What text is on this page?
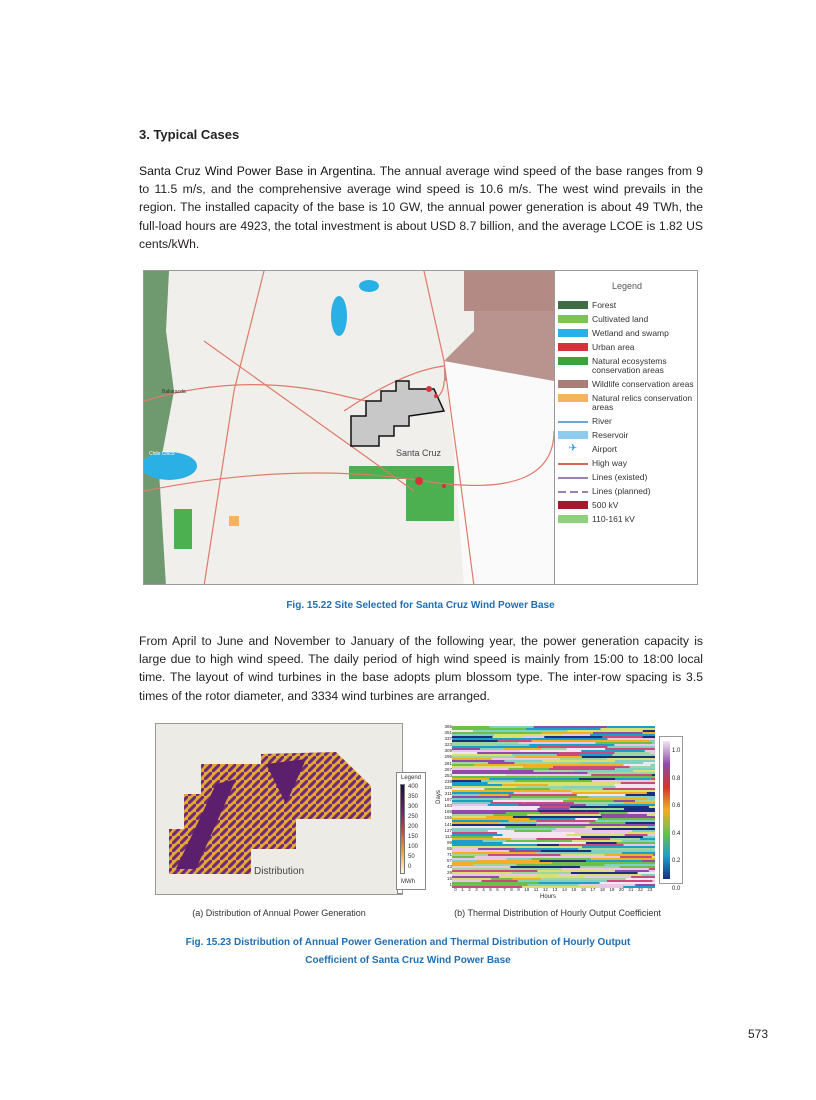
3. Typical Cases

Santa Cruz Wind Power Base in Argentina. The annual average wind speed of the base ranges from 9 to 11.5 m/s, and the comprehensive average wind speed is 10.6 m/s. The west wind prevails in the region. The installed capacity of the base is 10 GW, the annual power generation is about 49 TWh, the full-load hours are 4923, the total investment is about USD 8.7 billion, and the average LCOE is 1.82 US cents/kWh.

Santa Cruz
Baliaracda
Chile Chico
Legend
Forest
Cultivated land
Wetland and swamp
Urban area
Natural ecosystems conservation areas
Wildlife conservation areas
Natural relics conservation areas
River
Reservoir
✈	Airport
High way
Lines (existed)
Lines (planned)
500 kV
110-161 kV
Fig. 15.22 Site Selected for Santa Cruz Wind Power Base

From April to June and November to January of the following year, the power generation capacity is large due to high wind speed. The daily period of high wind speed is mainly from 15:00 to 18:00 local time. The layout of wind turbines in the base adopts plum blossom type. The inter-row spacing is 3.5 times of the rotor diameter, and 3334 wind turbines are arranged.

Distribution
Legend
400
350
300
250
200
150
100
50
0
MWh
Days
365
351
337
323
309
295
281
267
253
239
225
211
197
183
169
155
141
127
113
99
85
71
57
43
29
15
1
0 1 2 3 4 5 6 7 8 9 10 11 12 13 14 15 16 17 18 19 20 21 22 23
Hours
1.0
0.8
0.6
0.4
0.2
0.0
(a) Distribution of Annual Power Generation	(b) Thermal Distribution of Hourly Output Coefficient
Fig. 15.23 Distribution of Annual Power Generation and Thermal Distribution of Hourly Output
Coefficient of Santa Cruz Wind Power Base
573
